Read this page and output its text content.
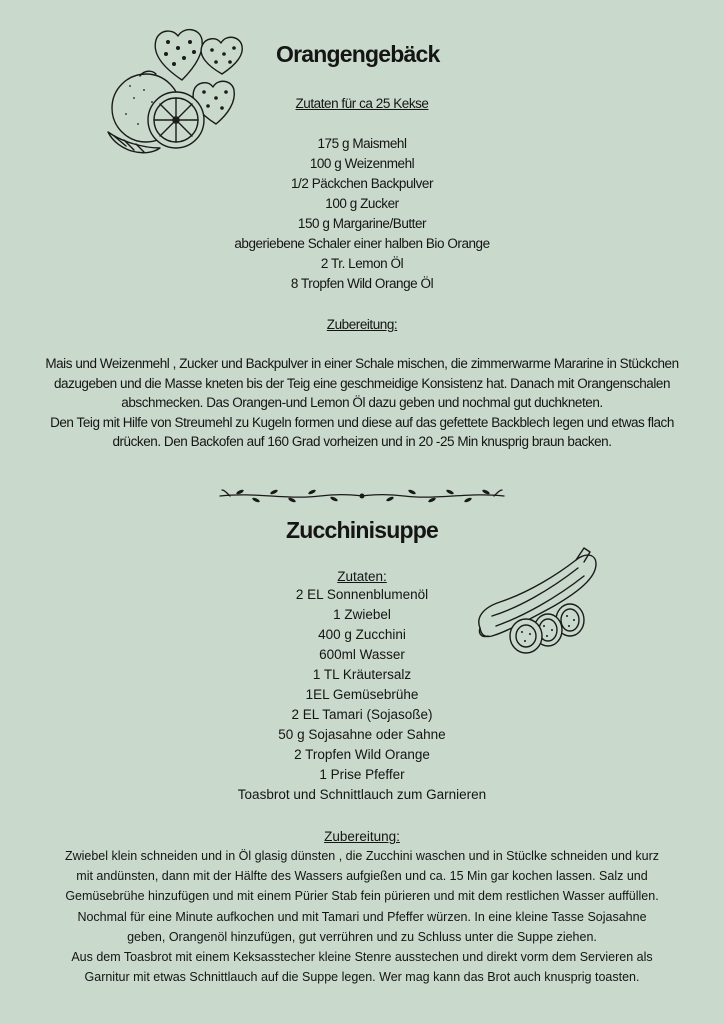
Orangengebäck
Zutaten für ca 25 Kekse
175 g Maismehl
100 g Weizenmehl
1/2 Päckchen Backpulver
100 g Zucker
150 g Margarine/Butter
abgeriebene Schaler einer halben Bio Orange
2 Tr. Lemon Öl
8 Tropfen Wild Orange Öl
Zubereitung:
Mais und Weizenmehl , Zucker und Backpulver in einer Schale mischen, die zimmerwarme Mararine in Stückchen
dazugeben und die Masse kneten bis der Teig eine geschmeidige Konsistenz hat. Danach mit Orangenschalen
abschmecken. Das Orangen-und Lemon Öl dazu geben und nochmal gut duchkneten.
Den Teig mit Hilfe von Streumehl zu Kugeln formen und diese auf das gefettete Backblech legen und etwas flach
drücken. Den Backofen auf 160 Grad vorheizen und in 20 -25 Min knusprig braun backen.
Zucchinisuppe
Zutaten:
2 EL Sonnenblumenöl
1 Zwiebel
400 g Zucchini
600ml Wasser
1 TL Kräutersalz
1EL Gemüsebrühe
2 EL Tamari (Sojasoße)
50 g Sojasahne oder Sahne
2 Tropfen Wild Orange
1 Prise Pfeffer
Toasbrot und Schnittlauch zum Garnieren
Zubereitung:
Zwiebel klein schneiden und in Öl glasig dünsten , die Zucchini waschen und in Stüclke schneiden und kurz
mit andünsten, dann mit der Hälfte des Wassers aufgießen und ca. 15 Min gar kochen lassen. Salz und
Gemüsebrühe hinzufügen und mit einem Pürier Stab fein pürieren und mit dem restlichen Wasser auffüllen.
Nochmal für eine Minute aufkochen und mit Tamari und Pfeffer würzen. In eine kleine Tasse Sojasahne
geben, Orangenöl hinzufügen, gut verrühren und zu Schluss unter die Suppe ziehen.
Aus dem Toasbrot mit einem Keksasstecher kleine Stenre ausstechen und direkt vorm dem Servieren als
Garnitur mit etwas Schnittlauch auf die Suppe legen. Wer mag kann das Brot auch knusprig toasten.
